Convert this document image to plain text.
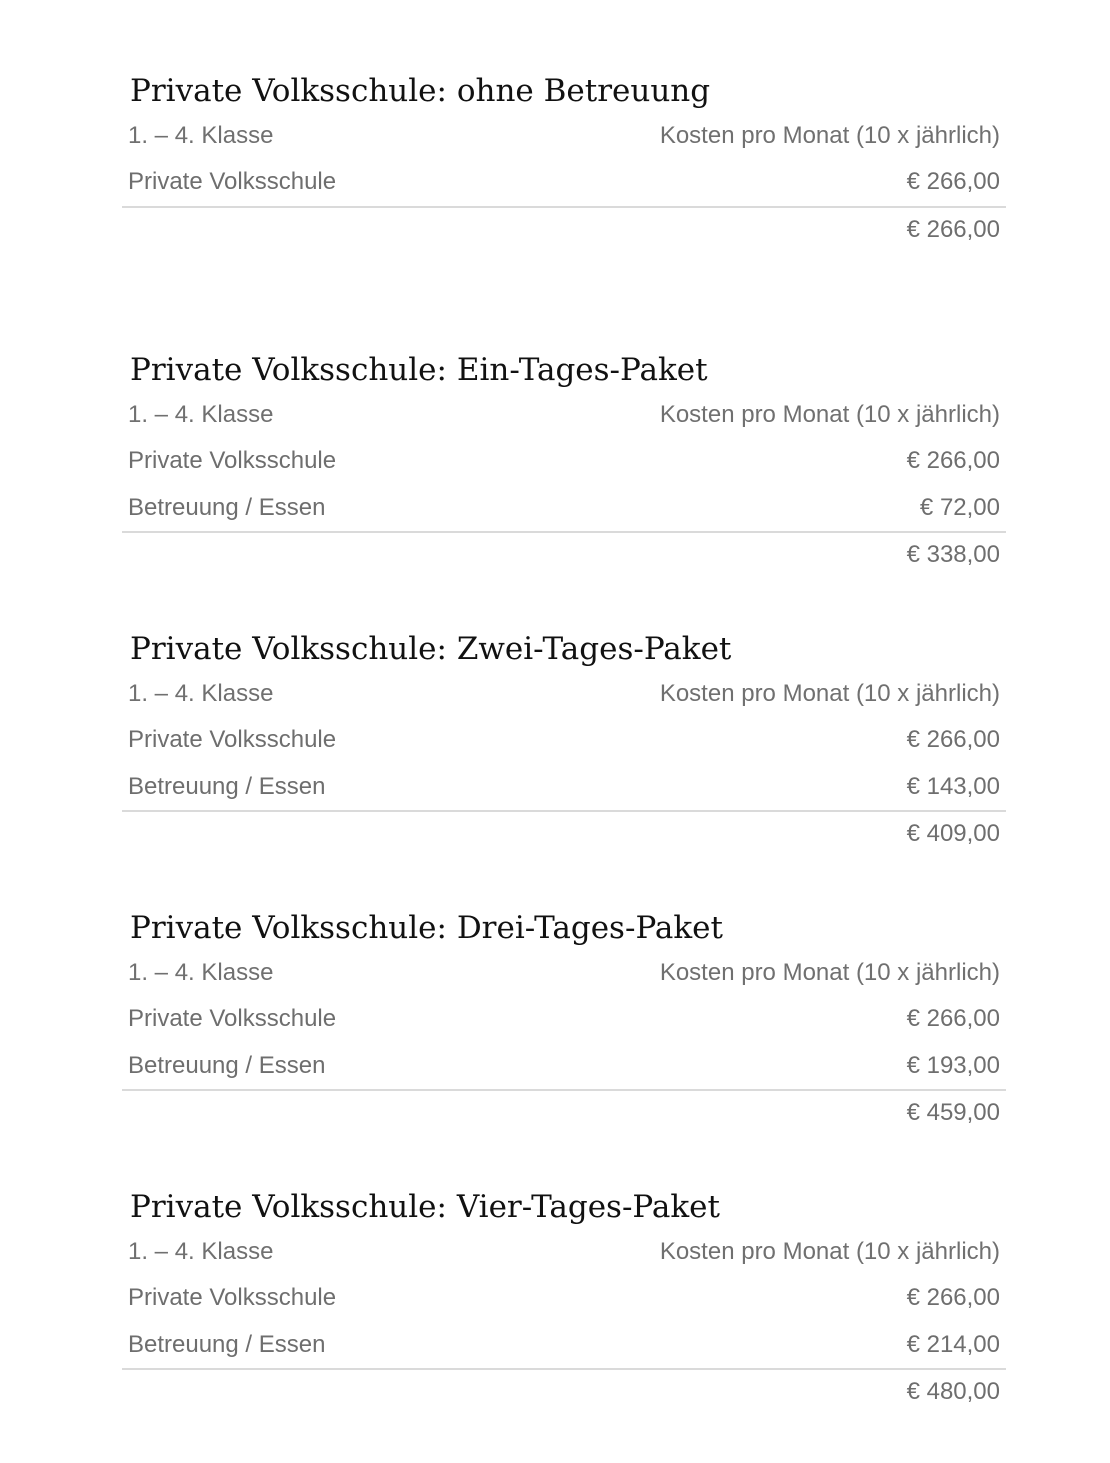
Private Volksschule: ohne Betreuung
1. – 4. Klasse	Kosten pro Monat (10 x jährlich)
Private Volksschule	€ 266,00
€ 266,00
Private Volksschule: Ein-Tages-Paket
1. – 4. Klasse	Kosten pro Monat (10 x jährlich)
Private Volksschule	€ 266,00
Betreuung / Essen	€ 72,00
€ 338,00
Private Volksschule: Zwei-Tages-Paket
1. – 4. Klasse	Kosten pro Monat (10 x jährlich)
Private Volksschule	€ 266,00
Betreuung / Essen	€ 143,00
€ 409,00
Private Volksschule: Drei-Tages-Paket
1. – 4. Klasse	Kosten pro Monat (10 x jährlich)
Private Volksschule	€ 266,00
Betreuung / Essen	€ 193,00
€ 459,00
Private Volksschule: Vier-Tages-Paket
1. – 4. Klasse	Kosten pro Monat (10 x jährlich)
Private Volksschule	€ 266,00
Betreuung / Essen	€ 214,00
€ 480,00
